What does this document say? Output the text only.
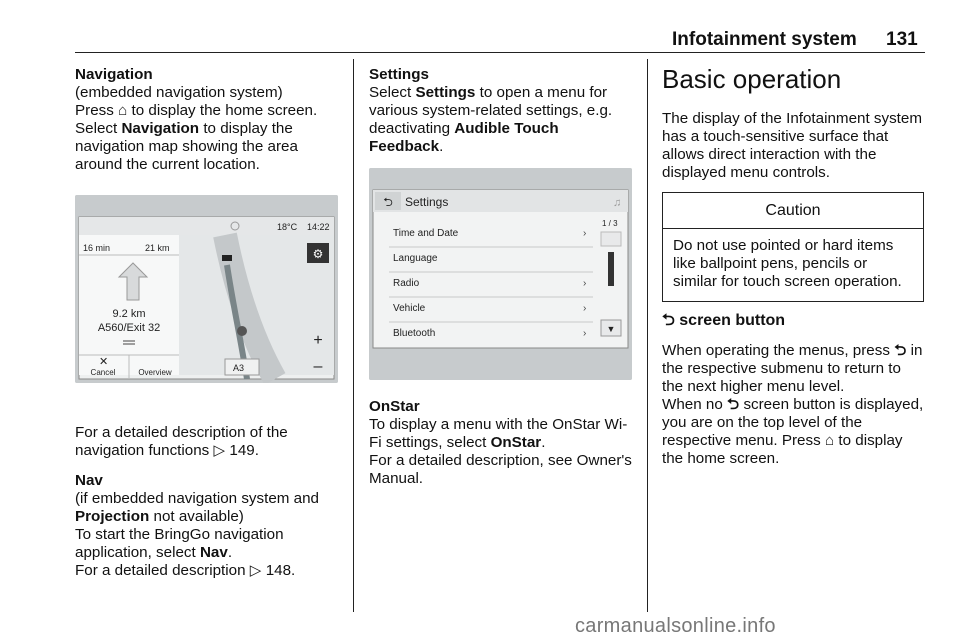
Infotainment system 131

Navigation

(embedded navigation system)

Press ⌂ to display the home screen.

Select Navigation to display the navigation map showing the area around the current location.

For a detailed description of the navigation functions ▷ 149.

Nav

(if embedded navigation system and Projection not available)

To start the BringGo navigation application, select Nav.

For a detailed description ▷ 148.

18°C 14:22
16 min	21 km
9.2 km
A560/Exit 32
Cancel	Overview
✕
⚙
+
–
A3

Settings

Select Settings to open a menu for various system-related settings, e.g. deactivating Audible Touch Feedback.

⮌ Settings	♫
1 / 3
Time and Date	›
Language
Radio	›
Vehicle	›
Bluetooth	› ▼

OnStar

To display a menu with the OnStar Wi-Fi settings, select OnStar.

For a detailed description, see Owner's Manual.

Basic operation

The display of the Infotainment system has a touch-sensitive surface that allows direct interaction with the displayed menu controls.

Caution
Do not use pointed or hard items like ballpoint pens, pencils or similar for touch screen operation.

⮌ screen button

When operating the menus, press ⮌ in the respective submenu to return to the next higher menu level.

When no ⮌ screen button is displayed, you are on the top level of the respective menu. Press ⌂ to display the home screen.

carmanualsonline.info
